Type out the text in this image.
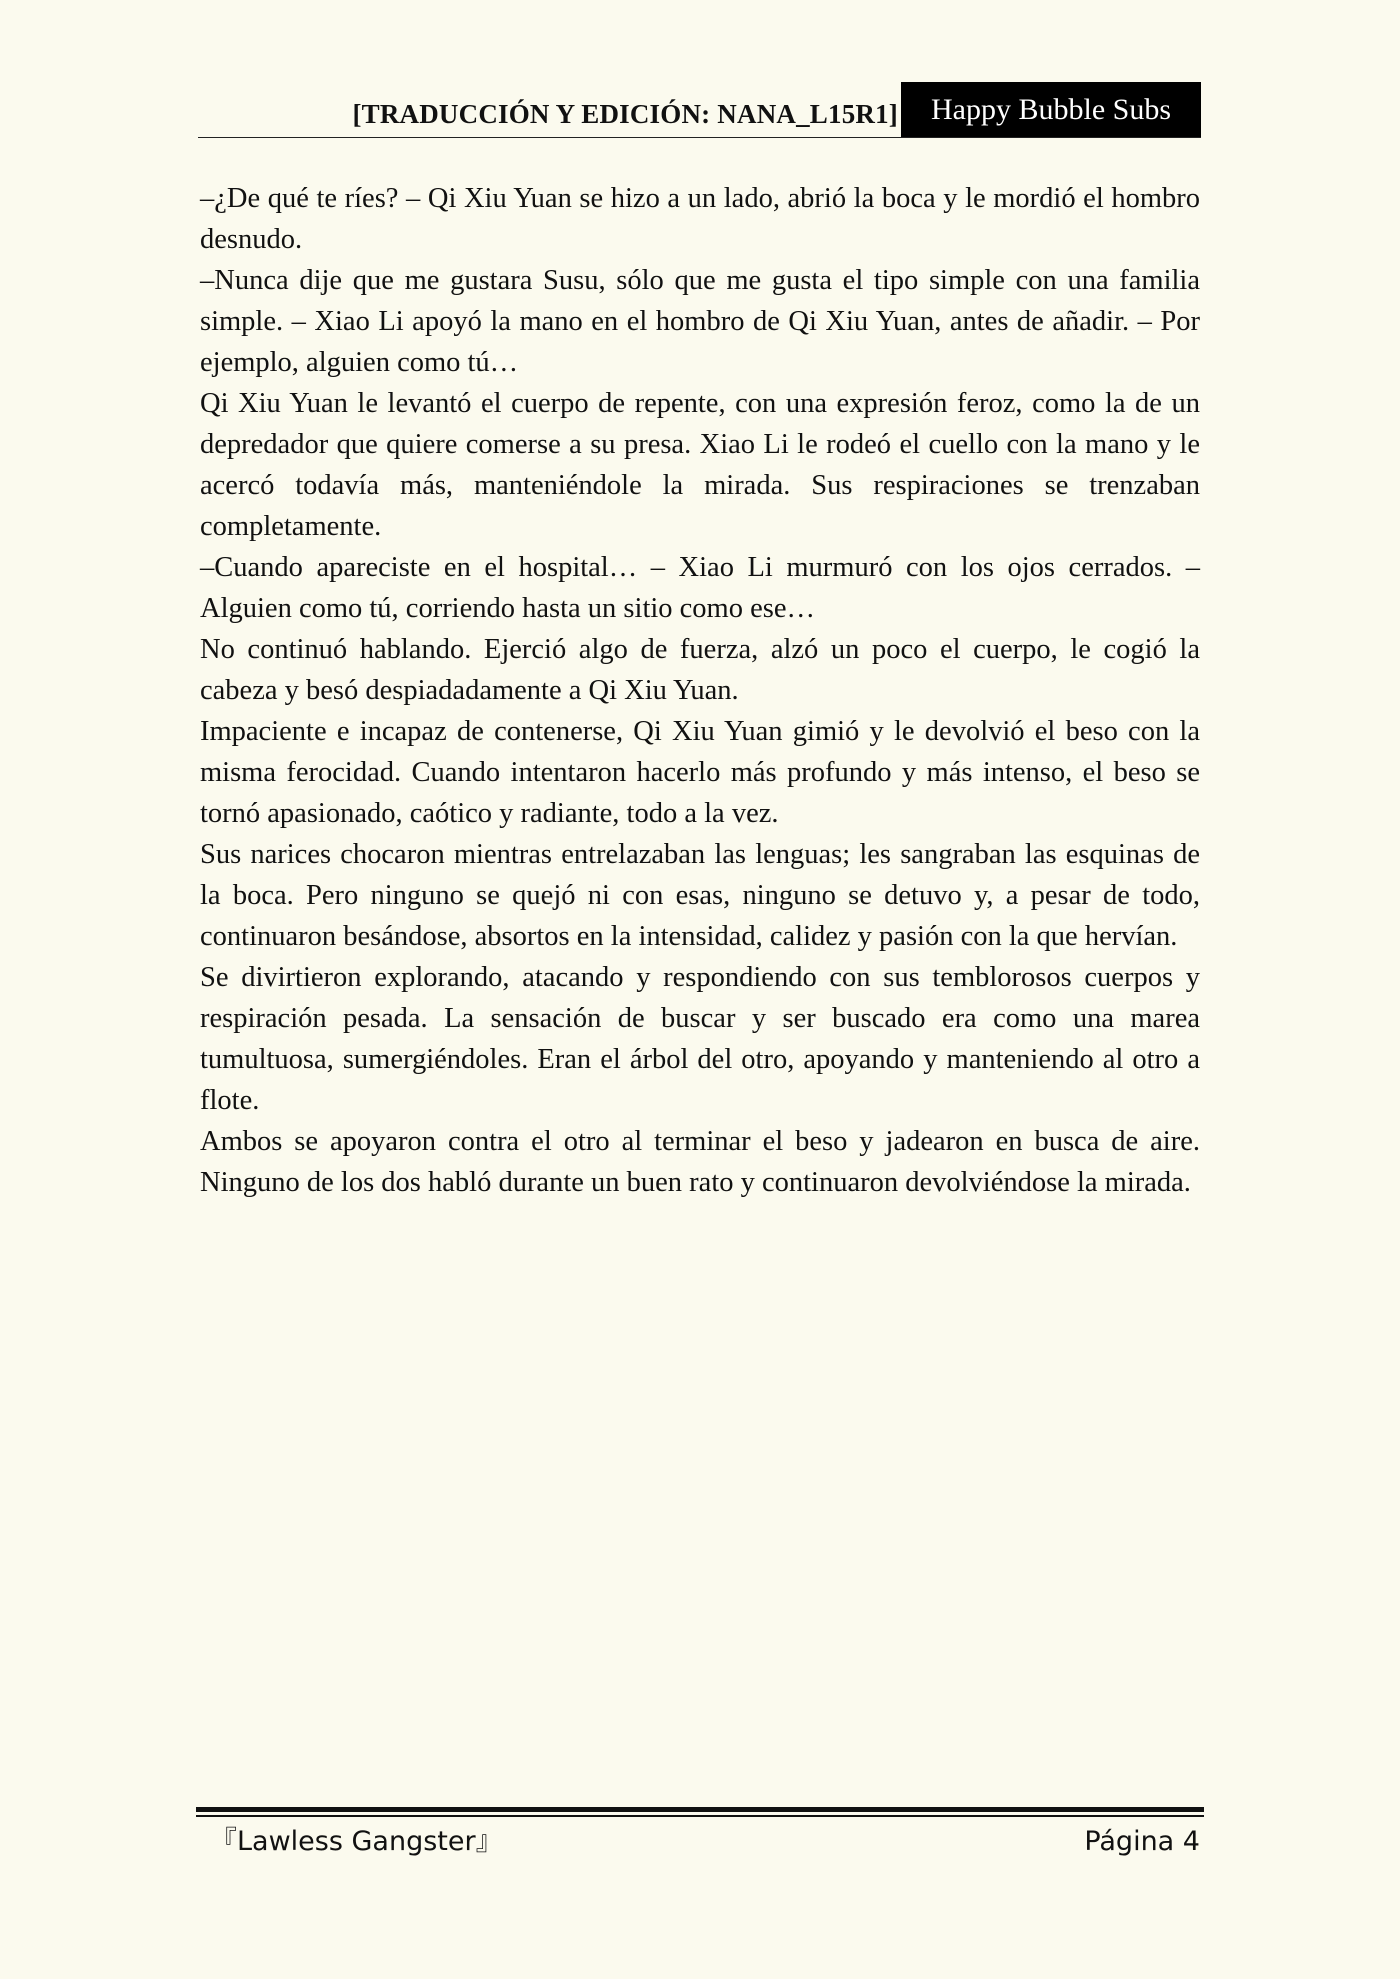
[TRADUCCIÓN Y EDICIÓN: NANA_L15R1]	Happy Bubble Subs

–¿De qué te ríes? – Qi Xiu Yuan se hizo a un lado, abrió la boca y le mordió el hombro desnudo.

–Nunca dije que me gustara Susu, sólo que me gusta el tipo simple con una familia simple. – Xiao Li apoyó la mano en el hombro de Qi Xiu Yuan, antes de añadir. – Por ejemplo, alguien como tú…

Qi Xiu Yuan le levantó el cuerpo de repente, con una expresión feroz, como la de un depredador que quiere comerse a su presa. Xiao Li le rodeó el cuello con la mano y le acercó todavía más, manteniéndole la mirada. Sus respiraciones se trenzaban completamente.

–Cuando apareciste en el hospital… – Xiao Li murmuró con los ojos cerrados. – Alguien como tú, corriendo hasta un sitio como ese…

No continuó hablando. Ejerció algo de fuerza, alzó un poco el cuerpo, le cogió la cabeza y besó despiadadamente a Qi Xiu Yuan.

Impaciente e incapaz de contenerse, Qi Xiu Yuan gimió y le devolvió el beso con la misma ferocidad. Cuando intentaron hacerlo más profundo y más intenso, el beso se tornó apasionado, caótico y radiante, todo a la vez.

Sus narices chocaron mientras entrelazaban las lenguas; les sangraban las esquinas de la boca. Pero ninguno se quejó ni con esas, ninguno se detuvo y, a pesar de todo, continuaron besándose, absortos en la intensidad, calidez y pasión con la que hervían.

Se divirtieron explorando, atacando y respondiendo con sus temblorosos cuerpos y respiración pesada. La sensación de buscar y ser buscado era como una marea tumultuosa, sumergiéndoles. Eran el árbol del otro, apoyando y manteniendo al otro a flote.

Ambos se apoyaron contra el otro al terminar el beso y jadearon en busca de aire. Ninguno de los dos habló durante un buen rato y continuaron devolviéndose la mirada.

『Lawless Gangster』	Página 4
